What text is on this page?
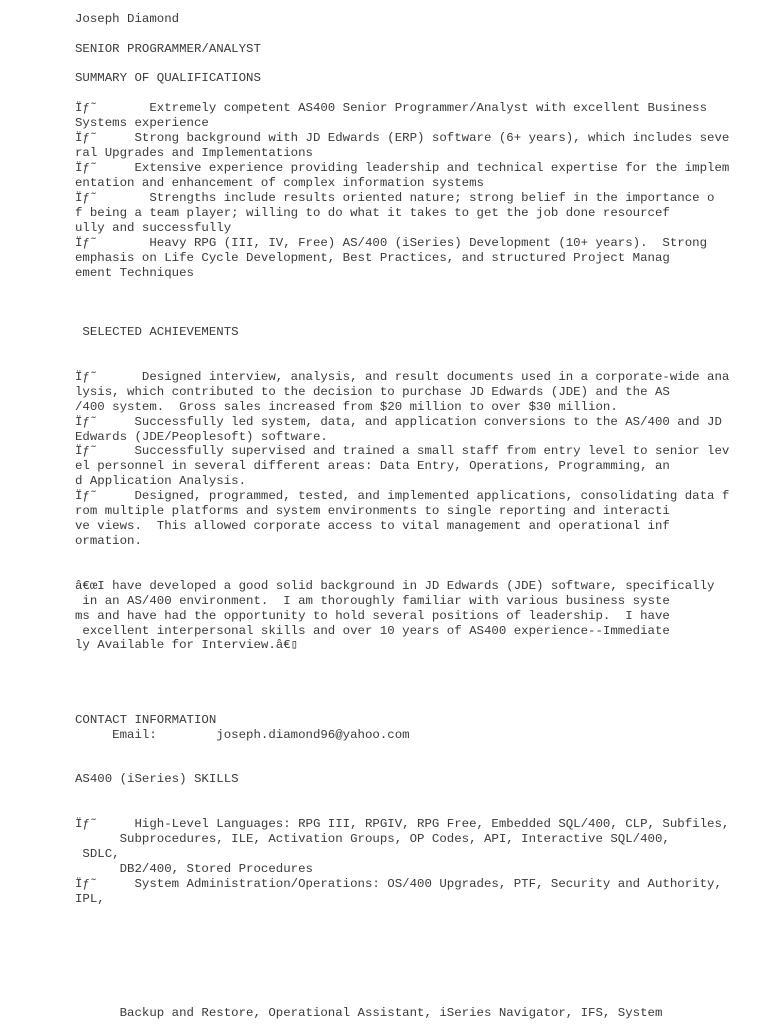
Joseph Diamond

SENIOR PROGRAMMER/ANALYST

SUMMARY OF QUALIFICATIONS

Ïƒ˜       Extremely competent AS400 Senior Programmer/Analyst with excellent Business

Systems experience

Ïƒ˜     Strong background with JD Edwards (ERP) software (6+ years), which includes seve

ral Upgrades and Implementations

Ïƒ˜     Extensive experience providing leadership and technical expertise for the implem

entation and enhancement of complex information systems

Ïƒ˜       Strengths include results oriented nature; strong belief in the importance o

f being a team player; willing to do what it takes to get the job done resourcef

ully and successfully

Ïƒ˜       Heavy RPG (III, IV, Free) AS/400 (iSeries) Development (10+ years).  Strong

emphasis on Life Cycle Development, Best Practices, and structured Project Manag

ement Techniques

SELECTED ACHIEVEMENTS

Ïƒ˜      Designed interview, analysis, and result documents used in a corporate-wide ana

lysis, which contributed to the decision to purchase JD Edwards (JDE) and the AS

/400 system.  Gross sales increased from $20 million to over $30 million.

Ïƒ˜     Successfully led system, data, and application conversions to the AS/400 and JD

Edwards (JDE/Peoplesoft) software.

Ïƒ˜     Successfully supervised and trained a small staff from entry level to senior lev

el personnel in several different areas: Data Entry, Operations, Programming, an

d Application Analysis.

Ïƒ˜     Designed, programmed, tested, and implemented applications, consolidating data f

rom multiple platforms and system environments to single reporting and interacti

ve views.  This allowed corporate access to vital management and operational inf

ormation.

â€œI have developed a good solid background in JD Edwards (JDE) software, specifically

in an AS/400 environment.  I am thoroughly familiar with various business syste

ms and have had the opportunity to hold several positions of leadership.  I have

excellent interpersonal skills and over 10 years of AS400 experience--Immediate

ly Available for Interview.â€▯

CONTACT INFORMATION

Email:        joseph.diamond96@yahoo.com

AS400 (iSeries) SKILLS

Ïƒ˜     High-Level Languages: RPG III, RPGIV, RPG Free, Embedded SQL/400, CLP, Subfiles,

Subprocedures, ILE, Activation Groups, OP Codes, API, Interactive SQL/400,

SDLC,

DB2/400, Stored Procedures

Ïƒ˜     System Administration/Operations: OS/400 Upgrades, PTF, Security and Authority,

IPL,

Backup and Restore, Operational Assistant, iSeries Navigator, IFS, System
